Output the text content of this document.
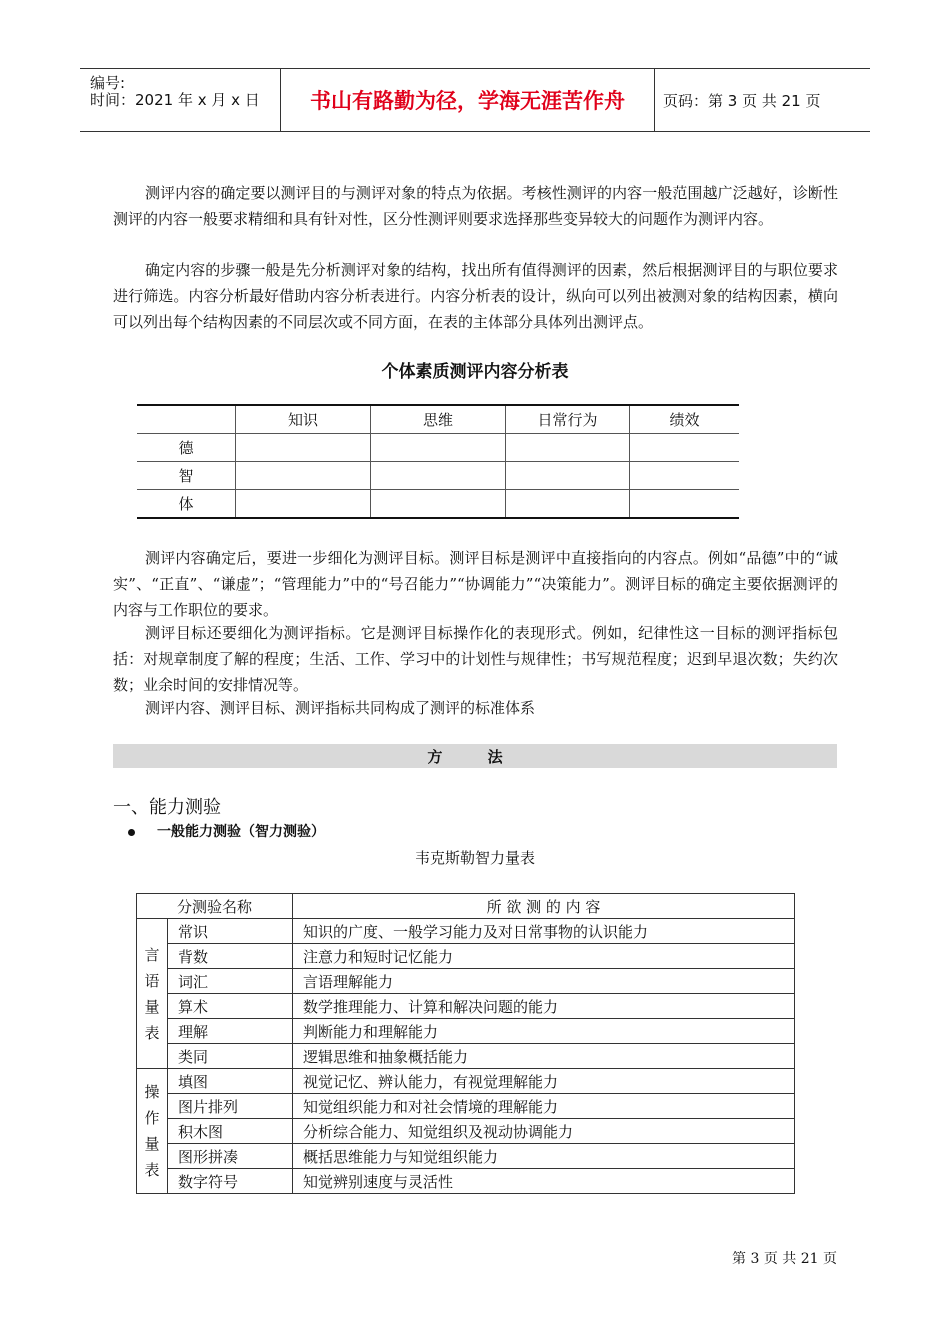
编号:
时间：2021 年 x 月 x 日	书山有路勤为径，学海无涯苦作舟	页码：第 3 页 共 21 页

测评内容的确定要以测评目的与测评对象的特点为依据。考核性测评的内容一般范围越广泛越好，诊断性测评的内容一般要求精细和具有针对性，区分性测评则要求选择那些变异较大的问题作为测评内容。

确定内容的步骤一般是先分析测评对象的结构，找出所有值得测评的因素，然后根据测评目的与职位要求进行筛选。内容分析最好借助内容分析表进行。内容分析表的设计，纵向可以列出被测对象的结构因素，横向可以列出每个结构因素的不同层次或不同方面，在表的主体部分具体列出测评点。

个体素质测评内容分析表
	知识	思维	日常行为	绩效
德				
智				
体				

测评内容确定后，要进一步细化为测评目标。测评目标是测评中直接指向的内容点。例如“品德”中的“诚实”、“正直”、“谦虚”；“管理能力”中的“号召能力”“协调能力”“决策能力”。测评目标的确定主要依据测评的内容与工作职位的要求。

测评目标还要细化为测评指标。它是测评目标操作化的表现形式。例如，纪律性这一目标的测评指标包括：对规章制度了解的程度；生活、工作、学习中的计划性与规律性；书写规范程度；迟到早退次数；失约次数；业余时间的安排情况等。

测评内容、测评目标、测评指标共同构成了测评的标准体系

方 法
一、能力测验
一般能力测验（智力测验）
韦克斯勒智力量表
分测验名称		所 欲 测 的 内 容
言
语
量
表	常识	知识的广度、一般学习能力及对日常事物的认识能力
	背数	注意力和短时记忆能力
	词汇	言语理解能力
	算术	数学推理能力、计算和解决问题的能力
	理解	判断能力和理解能力
	类同	逻辑思维和抽象概括能力
操
作
量
表	填图	视觉记忆、辨认能力，有视觉理解能力
	图片排列	知觉组织能力和对社会情境的理解能力
	积木图	分析综合能力、知觉组织及视动协调能力
	图形拼凑	概括思维能力与知觉组织能力
	数字符号	知觉辨别速度与灵活性
第 3 页 共 21 页
